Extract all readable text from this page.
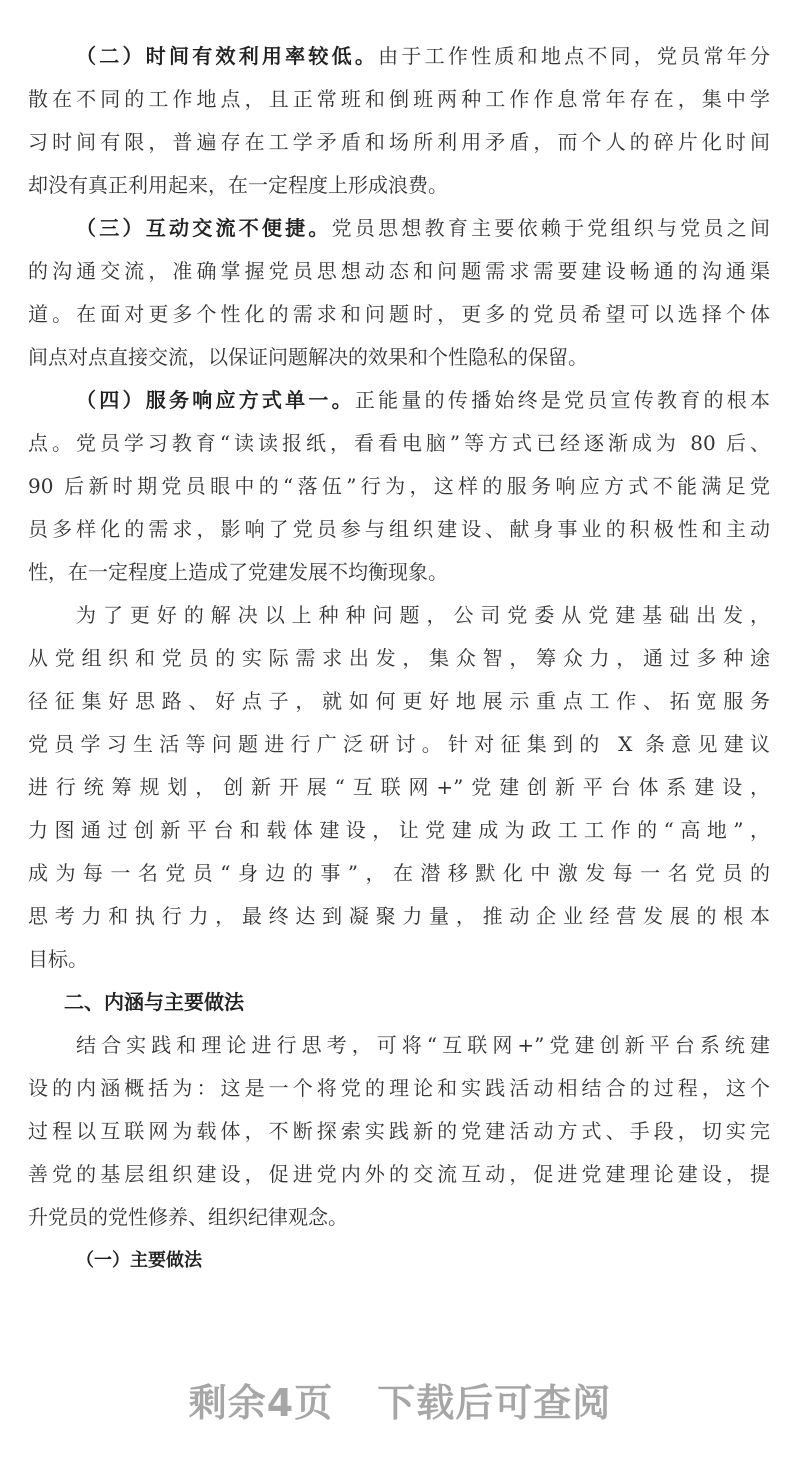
（二）时间有效利用率较低。由于工作性质和地点不同，党员常年分
散在不同的工作地点，且正常班和倒班两种工作作息常年存在，集中学
习时间有限，普遍存在工学矛盾和场所利用矛盾，而个人的碎片化时间
却没有真正利用起来，在一定程度上形成浪费。
（三）互动交流不便捷。党员思想教育主要依赖于党组织与党员之间
的沟通交流，准确掌握党员思想动态和问题需求需要建设畅通的沟通渠
道。在面对更多个性化的需求和问题时，更多的党员希望可以选择个体
间点对点直接交流，以保证问题解决的效果和个性隐私的保留。
（四）服务响应方式单一。正能量的传播始终是党员宣传教育的根本
点。党员学习教育“读读报纸，看看电脑”等方式已经逐渐成为 80 后、
90 后新时期党员眼中的“落伍”行为，这样的服务响应方式不能满足党
员多样化的需求，影响了党员参与组织建设、献身事业的积极性和主动
性，在一定程度上造成了党建发展不均衡现象。
为了更好的解决以上种种问题，公司党委从党建基础出发，
从党组织和党员的实际需求出发，集众智，筹众力，通过多种途
径征集好思路、好点子，就如何更好地展示重点工作、拓宽服务
党员学习生活等问题进行广泛研讨。针对征集到的 X 条意见建议
进行统筹规划，创新开展“互联网+”党建创新平台体系建设，
力图通过创新平台和载体建设，让党建成为政工工作的“高地”，
成为每一名党员“身边的事”，在潜移默化中激发每一名党员的
思考力和执行力，最终达到凝聚力量，推动企业经营发展的根本
目标。
二、内涵与主要做法
结合实践和理论进行思考，可将“互联网+”党建创新平台系统建
设的内涵概括为：这是一个将党的理论和实践活动相结合的过程，这个
过程以互联网为载体，不断探索实践新的党建活动方式、手段，切实完
善党的基层组织建设，促进党内外的交流互动，促进党建理论建设，提
升党员的党性修养、组织纪律观念。
（一）主要做法
剩余4页 下载后可查阅
